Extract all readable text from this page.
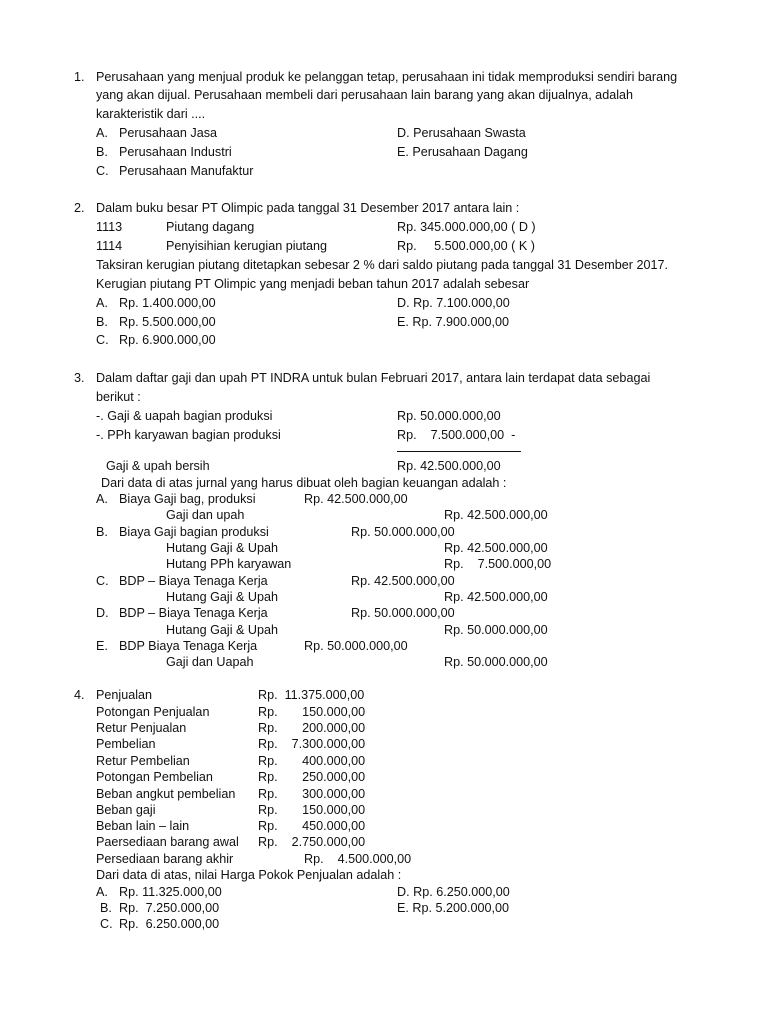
1. Perusahaan yang menjual produk ke pelanggan tetap, perusahaan ini tidak memproduksi sendiri barang
yang akan dijual. Perusahaan membeli dari perusahaan lain barang yang akan dijualnya, adalah
karakteristik dari ....
A. Perusahaan Jasa	D. Perusahaan Swasta
B. Perusahaan Industri	E. Perusahaan Dagang
C. Perusahaan Manufaktur
2. Dalam buku besar PT Olimpic pada tanggal 31 Desember 2017 antara lain :
1113	Piutang dagang	Rp. 345.000.000,00 ( D )
1114	Penyisihian kerugian piutang	Rp.     5.500.000,00 ( K )
Taksiran kerugian piutang ditetapkan sebesar 2 % dari saldo piutang pada tanggal 31 Desember 2017.
Kerugian piutang PT Olimpic yang menjadi beban tahun 2017 adalah sebesar
A. Rp. 1.400.000,00	D. Rp. 7.100.000,00
B. Rp. 5.500.000,00	E. Rp. 7.900.000,00
C. Rp. 6.900.000,00
3. Dalam daftar gaji dan upah PT INDRA untuk bulan Februari 2017, antara lain terdapat data sebagai
berikut :
-. Gaji & uapah bagian produksi	Rp. 50.000.000,00
-. PPh karyawan bagian produksi	Rp.    7.500.000,00  -
Gaji & upah bersih	Rp. 42.500.000,00
Dari data di atas jurnal yang harus dibuat oleh bagian keuangan adalah :
A. Biaya Gaji bag, produksi	Rp. 42.500.000,00
Gaji dan upah	Rp. 42.500.000,00
B. Biaya Gaji bagian produksi	Rp. 50.000.000,00
Hutang Gaji & Upah	Rp. 42.500.000,00
Hutang PPh karyawan	Rp.    7.500.000,00
C. BDP – Biaya Tenaga Kerja	Rp. 42.500.000,00
Hutang Gaji & Upah	Rp. 42.500.000,00
D. BDP – Biaya Tenaga Kerja	Rp. 50.000.000,00
Hutang Gaji & Upah	Rp. 50.000.000,00
E. BDP Biaya Tenaga Kerja	Rp. 50.000.000,00
Gaji dan Uapah	Rp. 50.000.000,00
4. Penjualan	Rp.  11.375.000,00
Potongan Penjualan	Rp.       150.000,00
Retur Penjualan	Rp.       200.000,00
Pembelian	Rp.    7.300.000,00
Retur Pembelian	Rp.       400.000,00
Potongan Pembelian	Rp.       250.000,00
Beban angkut pembelian Rp.       300.000,00
Beban gaji	Rp.       150.000,00
Beban lain – lain	Rp.       450.000,00
Paersediaan barang awal Rp.    2.750.000,00
Persediaan barang akhir	Rp.    4.500.000,00
Dari data di atas, nilai Harga Pokok Penjualan adalah :
A. Rp. 11.325.000,00	D. Rp. 6.250.000,00
B. Rp.  7.250.000,00	E. Rp. 5.200.000,00
C. Rp.  6.250.000,00
